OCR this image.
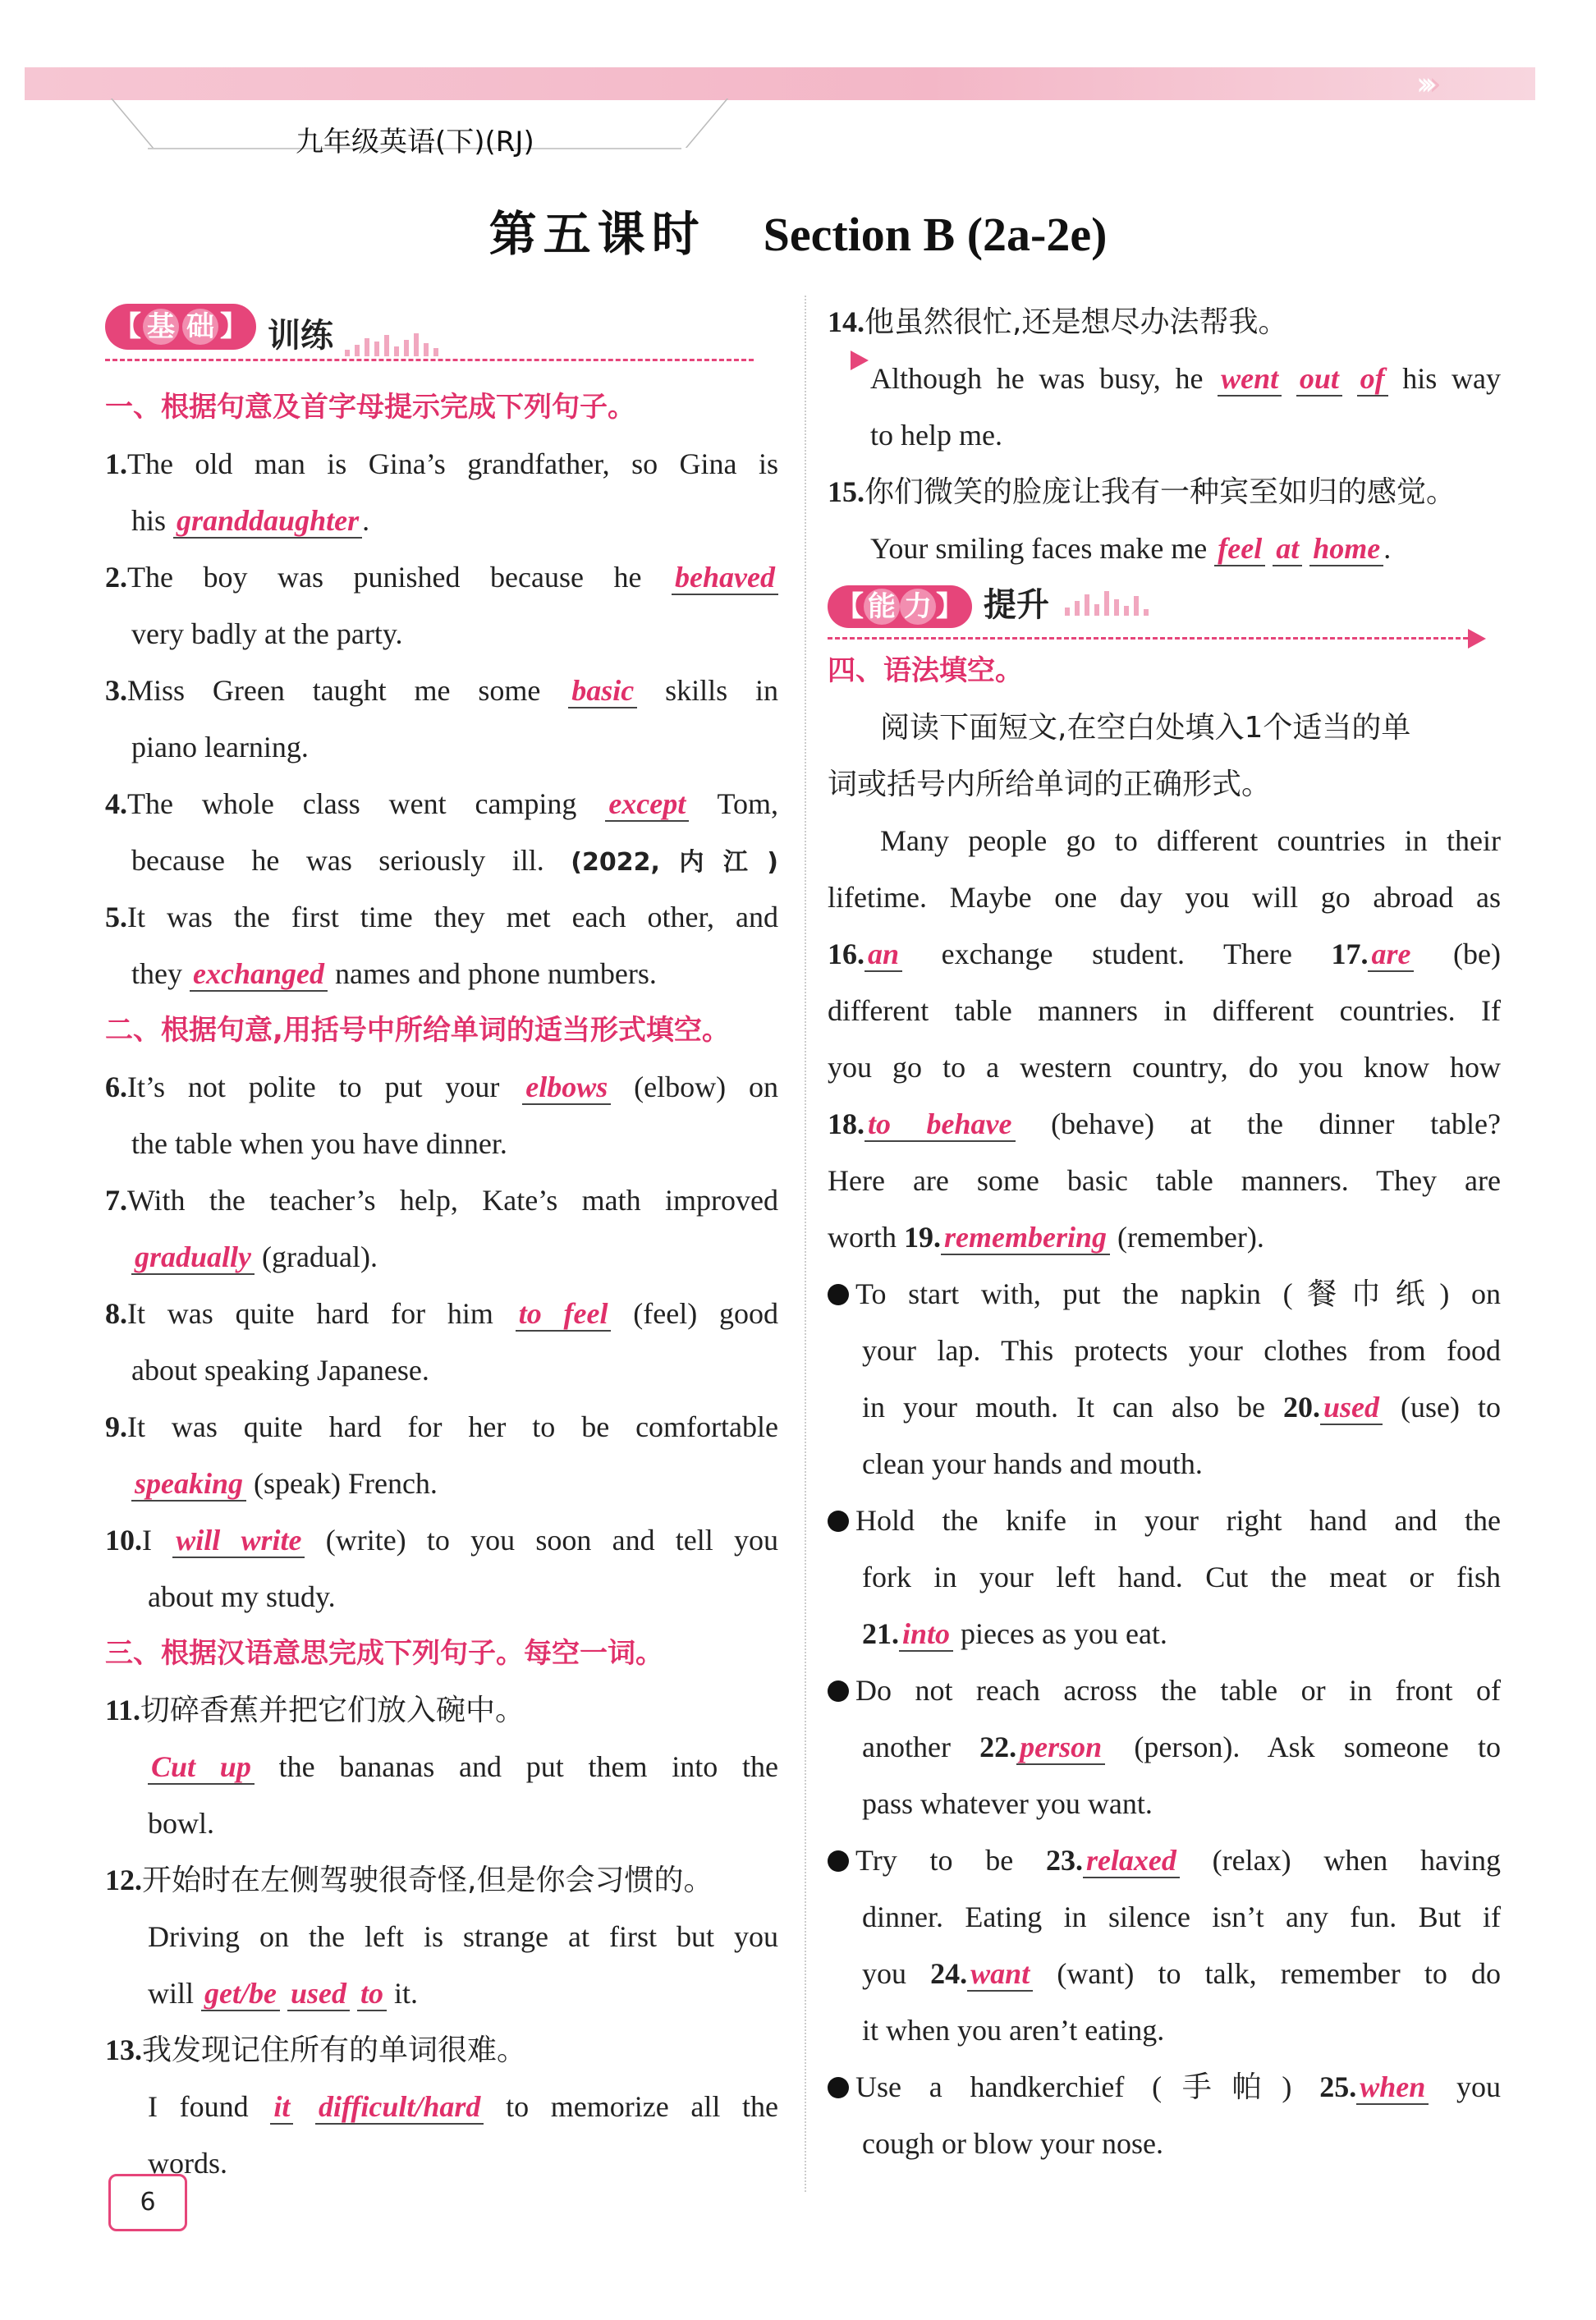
››››
九年级英语(下)(RJ)
第五课时 Section B (2a-2e)
【 基 础 】 训练
一、根据句意及首字母提示完成下列句子。
1.The old man is Gina’s grandfather, so Gina is
his granddaughter .
2.The boy was punished because he behaved
very badly at the party.
3.Miss Green taught me some basic skills in
piano learning.
4.The whole class went camping except Tom,
because he was seriously ill. (2022,内江)
5.It was the first time they met each other, and
they exchanged names and phone numbers.
二、根据句意,用括号中所给单词的适当形式填空。
6.It’s not polite to put your elbows (elbow) on
the table when you have dinner.
7.With the teacher’s help, Kate’s math improved
gradually (gradual).
8.It was quite hard for him to feel (feel) good
about speaking Japanese.
9.It was quite hard for her to be comfortable
speaking (speak) French.
10.I will write (write) to you soon and tell you
about my study.
三、根据汉语意思完成下列句子。每空一词。
11.切碎香蕉并把它们放入碗中。
Cut up the bananas and put them into the
bowl.
12.开始时在左侧驾驶很奇怪,但是你会习惯的。
Driving on the left is strange at first but you
will get/be used to it.
13.我发现记住所有的单词很难。
I found it difficult/hard to memorize all the
words.
14.他虽然很忙,还是想尽办法帮我。
Although he was busy, he went out of his way
to help me.
15.你们微笑的脸庞让我有一种宾至如归的感觉。
Your smiling faces make me feel at home .
【 能 力 】 提升
四、语法填空。
阅读下面短文,在空白处填入1个适当的单
词或括号内所给单词的正确形式。
Many people go to different countries in their
lifetime. Maybe one day you will go abroad as
16. an exchange student. There 17. are (be)
different table manners in different countries. If
you go to a western country, do you know how
18. to behave (behave) at the dinner table?
Here are some basic table manners. They are
worth 19. remembering (remember).
To start with, put the napkin (餐巾纸) on
your lap. This protects your clothes from food
in your mouth. It can also be 20. used (use) to
clean your hands and mouth.
Hold the knife in your right hand and the
fork in your left hand. Cut the meat or fish
21. into pieces as you eat.
Do not reach across the table or in front of
another 22. person (person). Ask someone to
pass whatever you want.
Try to be 23. relaxed (relax) when having
dinner. Eating in silence isn’t any fun. But if
you 24. want (want) to talk, remember to do
it when you aren’t eating.
Use a handkerchief (手帕) 25. when you
cough or blow your nose.
6
